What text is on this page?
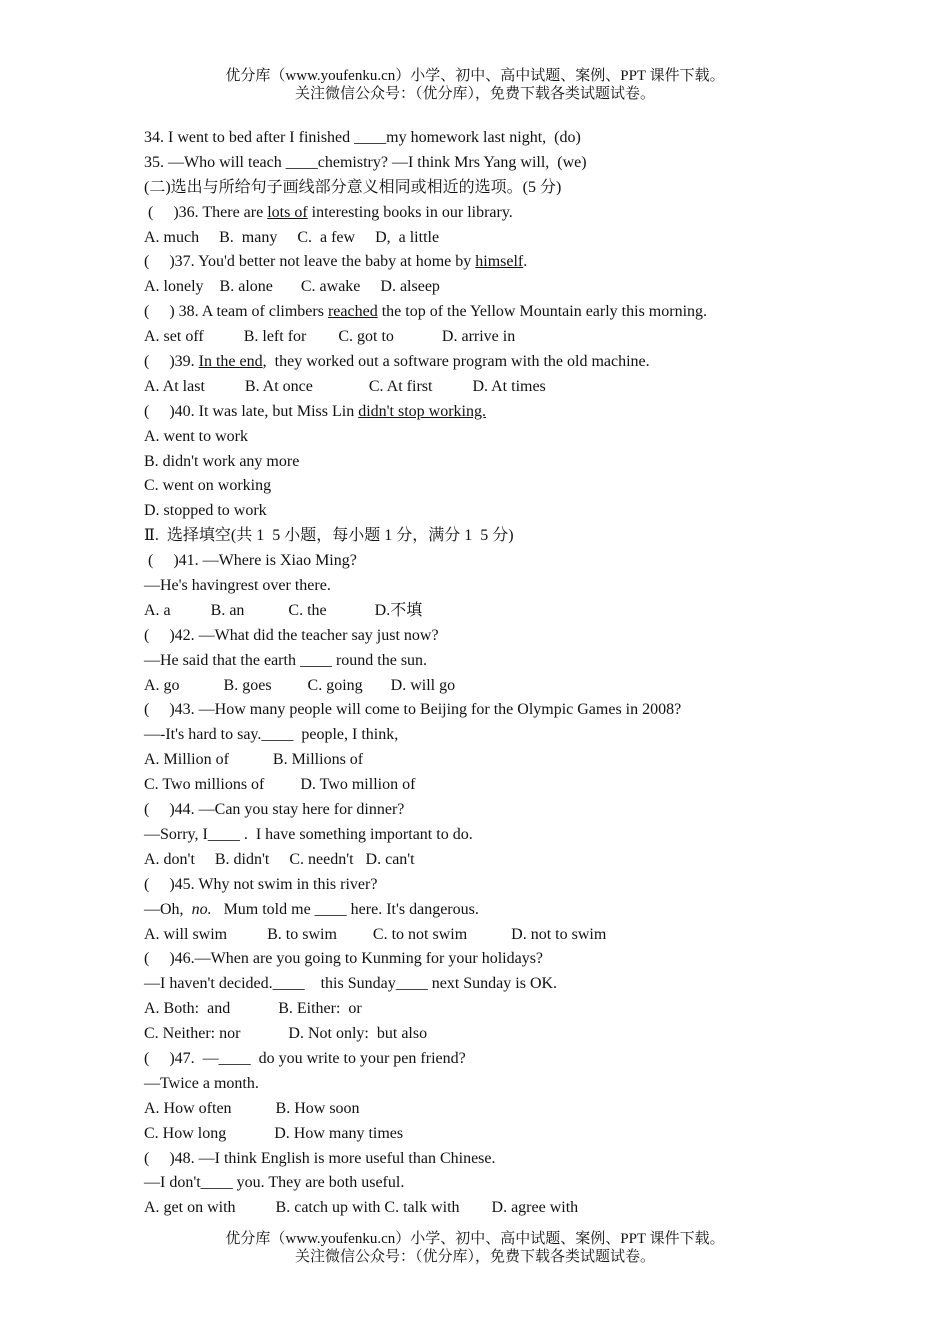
优分库（www.youfenku.cn）小学、初中、高中试题、案例、PPT 课件下载。
关注微信公众号：（优分库），免费下载各类试题试卷。
34. I went to bed after I finished ____my homework last night,  (do)
35. —Who will teach ____chemistry? —I think Mrs Yang will,  (we)
(二)选出与所给句子画线部分意义相同或相近的选项。(5 分)
(     )36. There are lots of interesting books in our library.
A. much     B.  many     C.  a few     D,  a little
(     )37. You'd better not leave the baby at home by himself.
A. lonely    B. alone       C. awake     D. alseep
(     ) 38. A team of climbers reached the top of the Yellow Mountain early this morning.
A. set off          B. left for        C. got to            D. arrive in
(     )39. In the end,  they worked out a software program with the old machine.
A. At last          B. At once              C. At first          D. At times
(     )40. It was late, but Miss Lin didn't stop working.
A. went to work
B. didn't work any more
C. went on working
D. stopped to work
Ⅱ.  选择填空(共 1  5 小题，每小题 1 分，满分 1  5 分)
(     )41. —Where is Xiao Ming?
—He's havingrest over there.
A. a          B. an           C. the            D.不填
(     )42. —What did the teacher say just now?
—He said that the earth ____ round the sun.
A. go           B. goes         C. going       D. will go
(     )43. —How many people will come to Beijing for the Olympic Games in 2008?
—-It's hard to say.____  people, I think,
A. Million of           B. Millions of
C. Two millions of         D. Two million of
(     )44. —Can you stay here for dinner?
—Sorry, I____ .  I have something important to do.
A. don't     B. didn't     C. needn't   D. can't
(     )45. Why not swim in this river?
—Oh,  no.   Mum told me ____ here. It's dangerous.
A. will swim          B. to swim         C. to not swim           D. not to swim
(     )46.—When are you going to Kunming for your holidays?
—I haven't decided.____    this Sunday____ next Sunday is OK.
A. Both:  and            B. Either:  or
C. Neither: nor            D. Not only:  but also
(     )47.  —____  do you write to your pen friend?
—Twice a month.
A. How often           B. How soon
C. How long            D. How many times
(     )48. —I think English is more useful than Chinese.
—I don't____ you. They are both useful.
A. get on with          B. catch up with C. talk with        D. agree with
优分库（www.youfenku.cn）小学、初中、高中试题、案例、PPT 课件下载。
关注微信公众号：（优分库），免费下载各类试题试卷。
